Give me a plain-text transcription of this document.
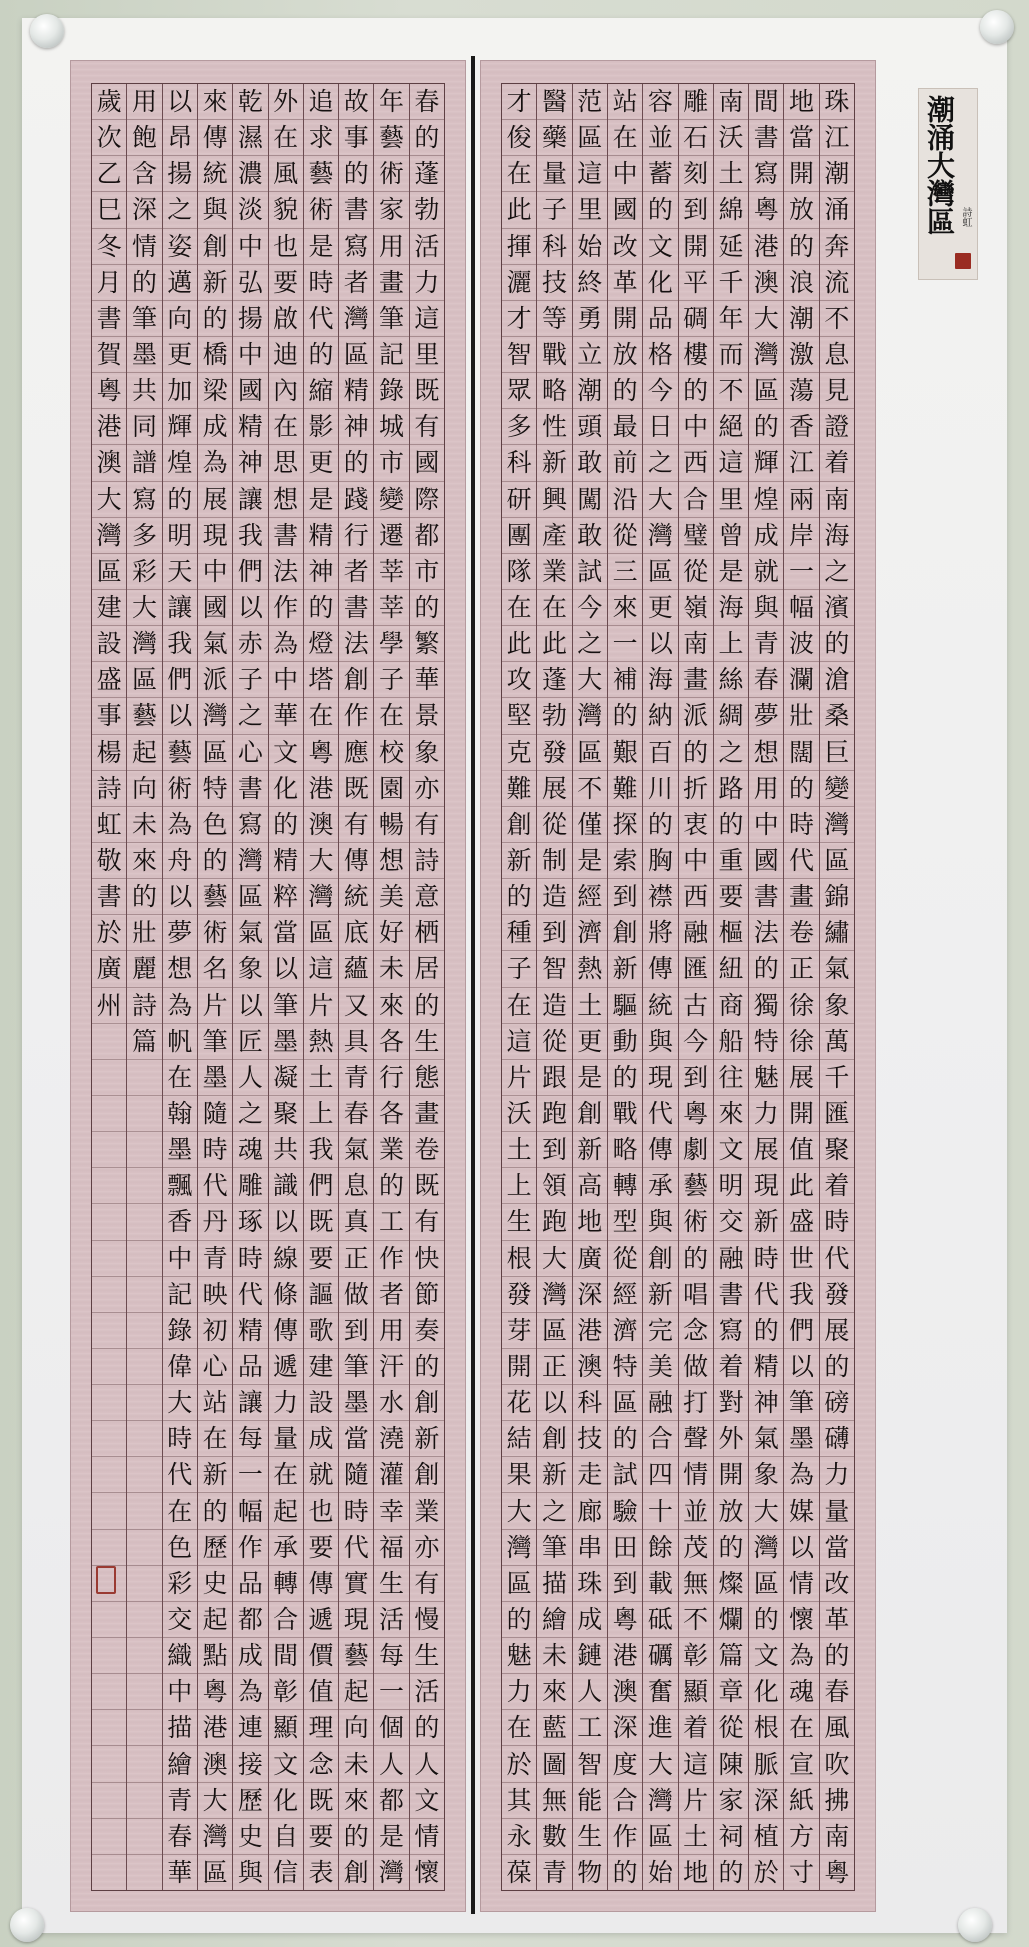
春
的
蓬
勃
活
力
這
里
既
有
國
際
都
市
的
繁
華
景
象
亦
有
詩
意
栖
居
的
生
態
畫
卷
既
有
快
節
奏
的
創
新
創
業
亦
有
慢
生
活
的
人
文
情
懷
年
藝
術
家
用
畫
筆
記
錄
城
市
變
遷
莘
莘
學
子
在
校
園
暢
想
美
好
未
來
各
行
各
業
的
工
作
者
用
汗
水
澆
灌
幸
福
生
活
每
一
個
人
都
是
灣
故
事
的
書
寫
者
灣
區
精
神
的
踐
行
者
書
法
創
作
應
既
有
傳
統
底
蘊
又
具
青
春
氣
息
真
正
做
到
筆
墨
當
隨
時
代
實
現
藝
起
向
未
來
的
創
追
求
藝
術
是
時
代
的
縮
影
更
是
精
神
的
燈
塔
在
粵
港
澳
大
灣
區
這
片
熱
土
上
我
們
既
要
謳
歌
建
設
成
就
也
要
傳
遞
價
值
理
念
既
要
表
外
在
風
貌
也
要
啟
迪
內
在
思
想
書
法
作
為
中
華
文
化
的
精
粹
當
以
筆
墨
凝
聚
共
識
以
線
條
傳
遞
力
量
在
起
承
轉
合
間
彰
顯
文
化
自
信
乾
濕
濃
淡
中
弘
揚
中
國
精
神
讓
我
們
以
赤
子
之
心
書
寫
灣
區
氣
象
以
匠
人
之
魂
雕
琢
時
代
精
品
讓
每
一
幅
作
品
都
成
為
連
接
歷
史
與
來
傳
統
與
創
新
的
橋
梁
成
為
展
現
中
國
氣
派
灣
區
特
色
的
藝
術
名
片
筆
墨
隨
時
代
丹
青
映
初
心
站
在
新
的
歷
史
起
點
粵
港
澳
大
灣
區
以
昂
揚
之
姿
邁
向
更
加
輝
煌
的
明
天
讓
我
們
以
藝
術
為
舟
以
夢
想
為
帆
在
翰
墨
飄
香
中
記
錄
偉
大
時
代
在
色
彩
交
織
中
描
繪
青
春
華
用
飽
含
深
情
的
筆
墨
共
同
譜
寫
多
彩
大
灣
區
藝
起
向
未
來
的
壯
麗
詩
篇
歲
次
乙
巳
冬
月
書
賀
粵
港
澳
大
灣
區
建
設
盛
事
楊
詩
虹
敬
書
於
廣
州
珠
江
潮
涌
奔
流
不
息
見
證
着
南
海
之
濱
的
滄
桑
巨
變
灣
區
錦
繡
氣
象
萬
千
匯
聚
着
時
代
發
展
的
磅
礴
力
量
當
改
革
的
春
風
吹
拂
南
粵
地
當
開
放
的
浪
潮
激
蕩
香
江
兩
岸
一
幅
波
瀾
壯
闊
的
時
代
畫
卷
正
徐
徐
展
開
值
此
盛
世
我
們
以
筆
墨
為
媒
以
情
懷
為
魂
在
宣
紙
方
寸
間
書
寫
粵
港
澳
大
灣
區
的
輝
煌
成
就
與
青
春
夢
想
用
中
國
書
法
的
獨
特
魅
力
展
現
新
時
代
的
精
神
氣
象
大
灣
區
的
文
化
根
脈
深
植
於
南
沃
土
綿
延
千
年
而
不
絕
這
里
曾
是
海
上
絲
綢
之
路
的
重
要
樞
紐
商
船
往
來
文
明
交
融
書
寫
着
對
外
開
放
的
燦
爛
篇
章
從
陳
家
祠
的
雕
石
刻
到
開
平
碉
樓
的
中
西
合
璧
從
嶺
南
畫
派
的
折
衷
中
西
融
匯
古
今
到
粵
劇
藝
術
的
唱
念
做
打
聲
情
並
茂
無
不
彰
顯
着
這
片
土
地
容
並
蓄
的
文
化
品
格
今
日
之
大
灣
區
更
以
海
納
百
川
的
胸
襟
將
傳
統
與
現
代
傳
承
與
創
新
完
美
融
合
四
十
餘
載
砥
礪
奮
進
大
灣
區
始
站
在
中
國
改
革
開
放
的
最
前
沿
從
三
來
一
補
的
艱
難
探
索
到
創
新
驅
動
的
戰
略
轉
型
從
經
濟
特
區
的
試
驗
田
到
粵
港
澳
深
度
合
作
的
范
區
這
里
始
終
勇
立
潮
頭
敢
闖
敢
試
今
之
大
灣
區
不
僅
是
經
濟
熱
土
更
是
創
新
高
地
廣
深
港
澳
科
技
走
廊
串
珠
成
鏈
人
工
智
能
生
物
醫
藥
量
子
科
技
等
戰
略
性
新
興
產
業
在
此
蓬
勃
發
展
從
制
造
到
智
造
從
跟
跑
到
領
跑
大
灣
區
正
以
創
新
之
筆
描
繪
未
來
藍
圖
無
數
青
才
俊
在
此
揮
灑
才
智
眾
多
科
研
團
隊
在
此
攻
堅
克
難
創
新
的
種
子
在
這
片
沃
土
上
生
根
發
芽
開
花
結
果
大
灣
區
的
魅
力
在
於
其
永
葆
潮涌大灣區 詩虹
